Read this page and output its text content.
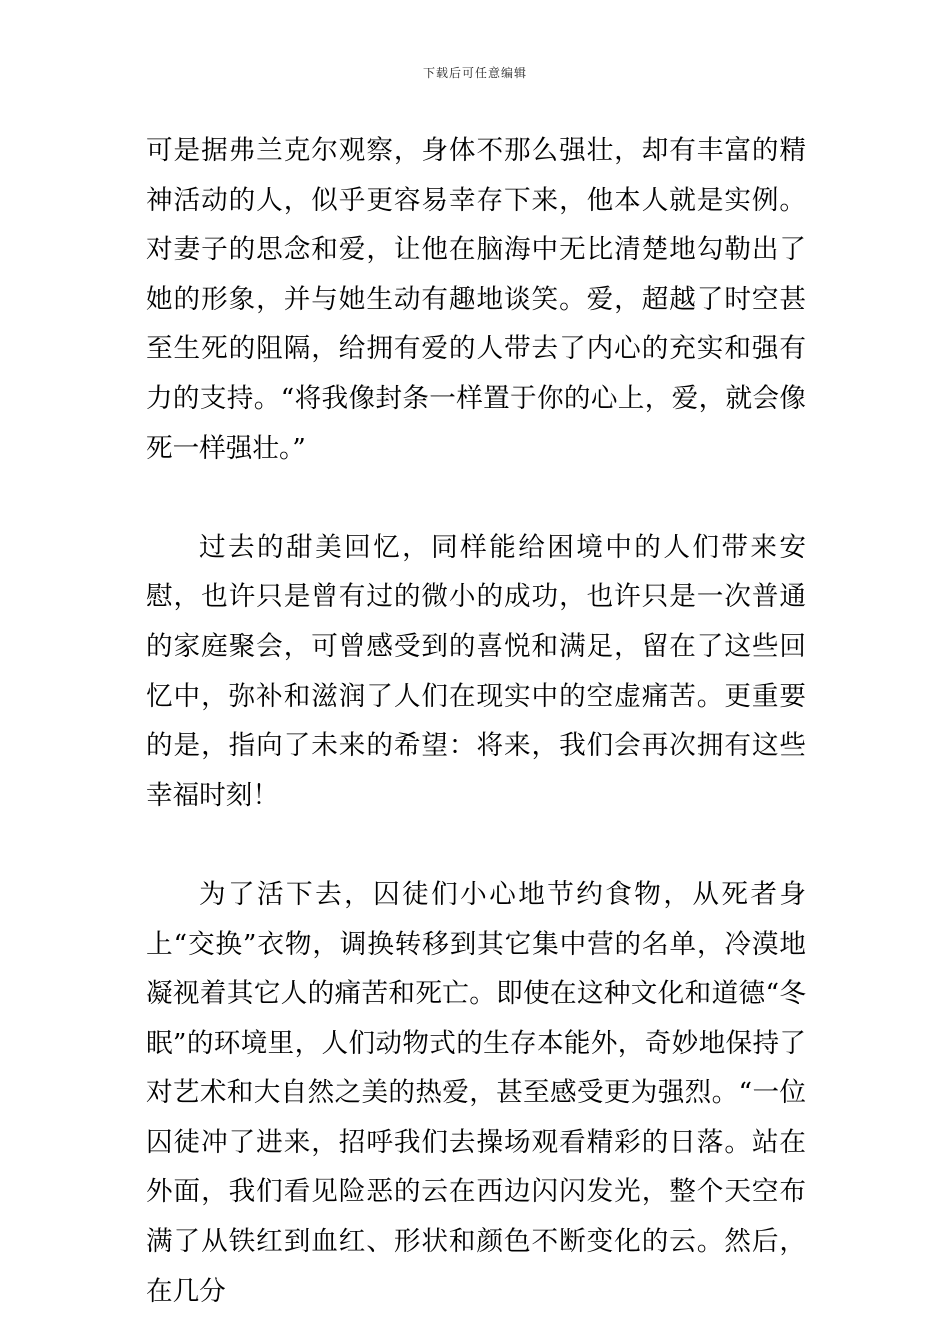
下载后可任意编辑

可是据弗兰克尔观察，身体不那么强壮，却有丰富的精神活动的人，似乎更容易幸存下来，他本人就是实例。对妻子的思念和爱，让他在脑海中无比清楚地勾勒出了她的形象，并与她生动有趣地谈笑。爱，超越了时空甚至生死的阻隔，给拥有爱的人带去了内心的充实和强有力的支持。“将我像封条一样置于你的心上，爱，就会像死一样强壮。”

过去的甜美回忆，同样能给困境中的人们带来安慰，也许只是曾有过的微小的成功，也许只是一次普通的家庭聚会，可曾感受到的喜悦和满足，留在了这些回忆中，弥补和滋润了人们在现实中的空虚痛苦。更重要的是，指向了未来的希望：将来，我们会再次拥有这些幸福时刻！

为了活下去，囚徒们小心地节约食物，从死者身上“交换”衣物，调换转移到其它集中营的名单，冷漠地凝视着其它人的痛苦和死亡。即使在这种文化和道德“冬眠”的环境里，人们动物式的生存本能外，奇妙地保持了对艺术和大自然之美的热爱，甚至感受更为强烈。“一位囚徒冲了进来，招呼我们去操场观看精彩的日落。站在外面，我们看见险恶的云在西边闪闪发光，整个天空布满了从铁红到血红、形状和颜色不断变化的云。然后，在几分
